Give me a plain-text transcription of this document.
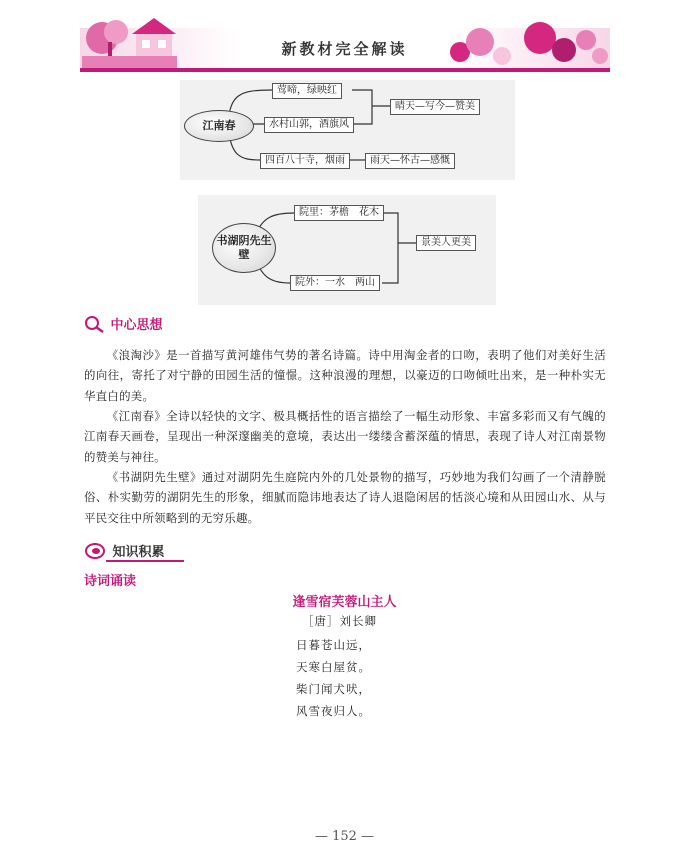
新教材完全解读
江南春
莺啼，绿映红
水村山郭，酒旗风
四百八十寺，烟雨
晴天—写今—赞美
雨天—怀古—感慨
书湖阴先生壁
院里：茅檐　花木
院外：一水　两山
景美人更美
中心思想
《浪淘沙》是一首描写黄河雄伟气势的著名诗篇。诗中用淘金者的口吻，表明了他们对美好生活的向往，寄托了对宁静的田园生活的憧憬。这种浪漫的理想，以豪迈的口吻倾吐出来，是一种朴实无华直白的美。
《江南春》全诗以轻快的文字、极具概括性的语言描绘了一幅生动形象、丰富多彩而又有气魄的江南春天画卷，呈现出一种深邃幽美的意境，表达出一缕缕含蓄深蕴的情思，表现了诗人对江南景物的赞美与神往。
《书湖阴先生壁》通过对湖阴先生庭院内外的几处景物的描写，巧妙地为我们勾画了一个清静脱俗、朴实勤劳的湖阴先生的形象，细腻而隐讳地表达了诗人退隐闲居的恬淡心境和从田园山水、从与平民交往中所领略到的无穷乐趣。
知识积累
诗词诵读
逢雪宿芙蓉山主人
［唐］刘长卿
日暮苍山远，
天寒白屋贫。
柴门闻犬吠，
风雪夜归人。
— 152 —
